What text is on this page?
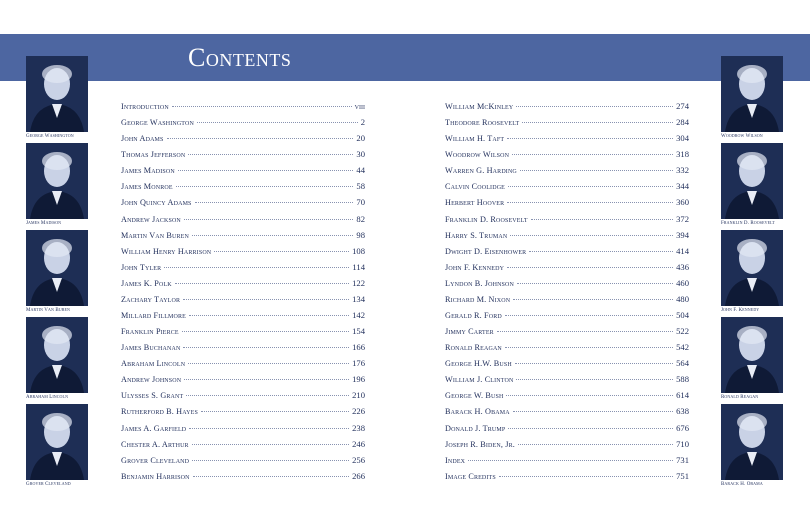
Contents
George Washington
James Madison
Martin Van Buren
Abraham Lincoln
Grover Cleveland
Woodrow Wilson
Franklin D. Roosevelt
John F. Kennedy
Ronald Reagan
Barack H. Obama
Introduction	viii
George Washington	2
John Adams	20
Thomas Jefferson	30
James Madison	44
James Monroe	58
John Quincy Adams	70
Andrew Jackson	82
Martin Van Buren	98
William Henry Harrison	108
John Tyler	114
James K. Polk	122
Zachary Taylor	134
Millard Fillmore	142
Franklin Pierce	154
James Buchanan	166
Abraham Lincoln	176
Andrew Johnson	196
Ulysses S. Grant	210
Rutherford B. Hayes	226
James A. Garfield	238
Chester A. Arthur	246
Grover Cleveland	256
Benjamin Harrison	266
William McKinley	274
Theodore Roosevelt	284
William H. Taft	304
Woodrow Wilson	318
Warren G. Harding	332
Calvin Coolidge	344
Herbert Hoover	360
Franklin D. Roosevelt	372
Harry S. Truman	394
Dwight D. Eisenhower	414
John F. Kennedy	436
Lyndon B. Johnson	460
Richard M. Nixon	480
Gerald R. Ford	504
Jimmy Carter	522
Ronald Reagan	542
George H.W. Bush	564
William J. Clinton	588
George W. Bush	614
Barack H. Obama	638
Donald J. Trump	676
Joseph R. Biden, Jr.	710
Index	731
Image Credits	751
